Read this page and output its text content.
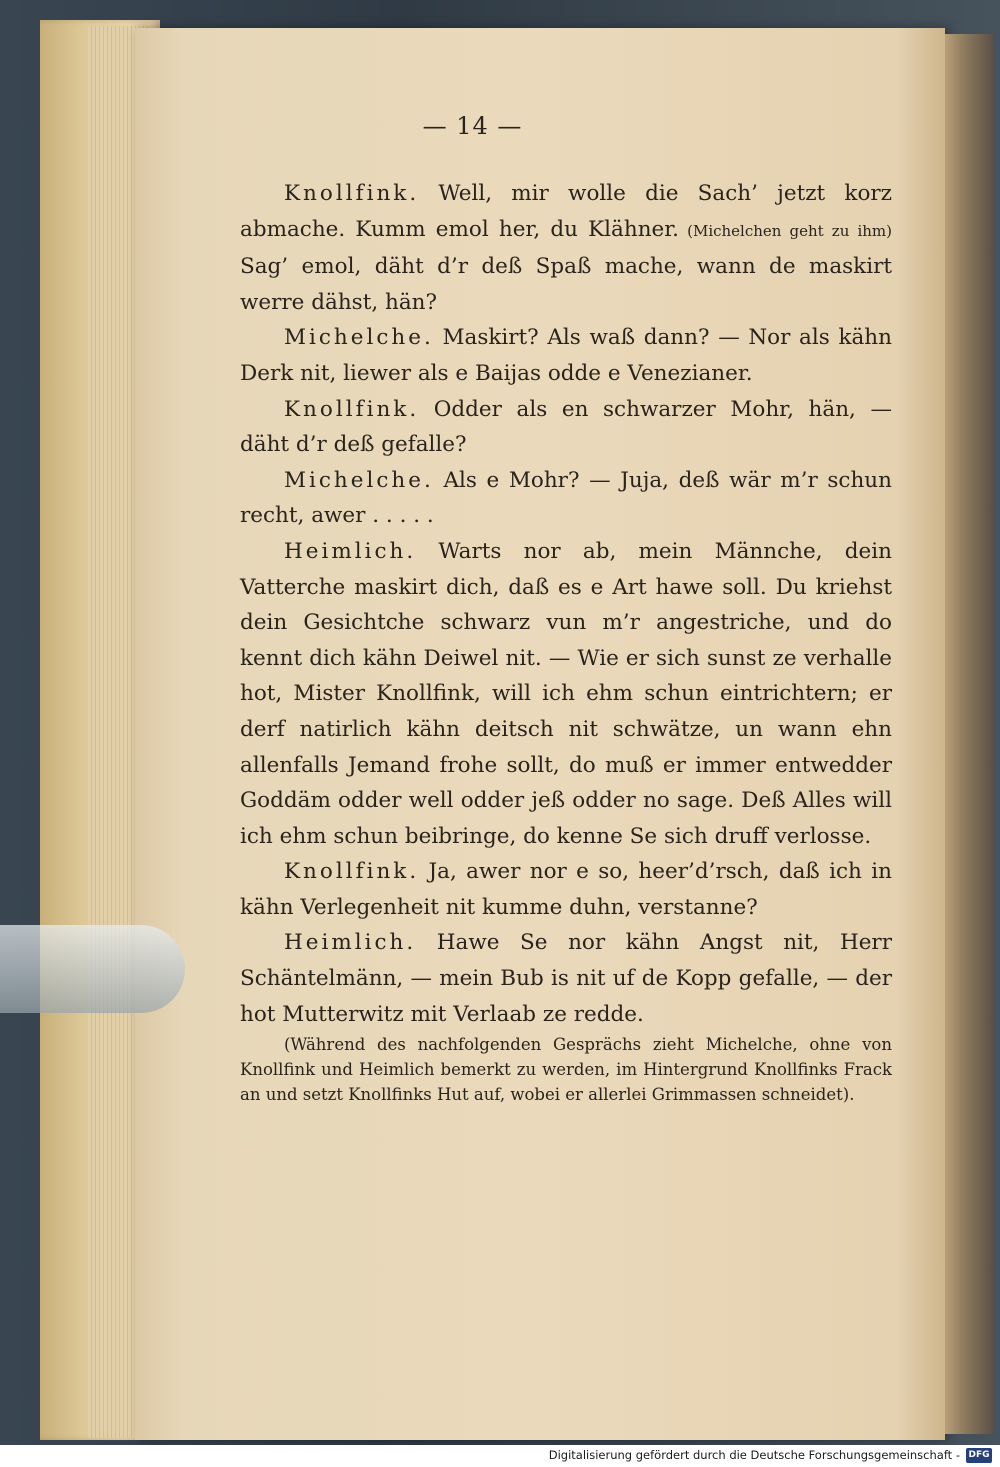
— 14 —

Knollfink. Well, mir wolle die Sach’ jetzt korz abmache. Kumm emol her, du Klähner. (Michelchen geht zu ihm) Sag’ emol, däht d’r deß Spaß mache, wann de maskirt werre dähst, hän?

Michelche. Maskirt? Als waß dann? — Nor als kähn Derk nit, liewer als e Baijas odde e Venezianer.

Knollfink. Odder als en schwarzer Mohr, hän, — däht d’r deß gefalle?

Michelche. Als e Mohr? — Juja, deß wär m’r schun recht, awer . . . . .

Heimlich. Warts nor ab, mein Männche, dein Vatterche maskirt dich, daß es e Art hawe soll. Du kriehst dein Gesichtche schwarz vun m’r angestriche, und do kennt dich kähn Deiwel nit. — Wie er sich sunst ze verhalle hot, Mister Knollfink, will ich ehm schun eintrichtern; er derf natirlich kähn deitsch nit schwätze, un wann ehn allenfalls Jemand frohe sollt, do muß er immer entwedder Goddäm odder well odder jeß odder no sage. Deß Alles will ich ehm schun beibringe, do kenne Se sich druff verlosse.

Knollfink. Ja, awer nor e so, heer’d’rsch, daß ich in kähn Verlegenheit nit kumme duhn, verstanne?

Heimlich. Hawe Se nor kähn Angst nit, Herr Schäntelmänn, — mein Bub is nit uf de Kopp gefalle, — der hot Mutterwitz mit Verlaab ze redde.

(Während des nachfolgenden Gesprächs zieht Michelche, ohne von Knollfink und Heimlich bemerkt zu werden, im Hintergrund Knollfinks Frack an und setzt Knollfinks Hut auf, wobei er allerlei Grimmassen schneidet).

Digitalisierung gefördert durch die Deutsche Forschungsgemeinschaft - DFG
